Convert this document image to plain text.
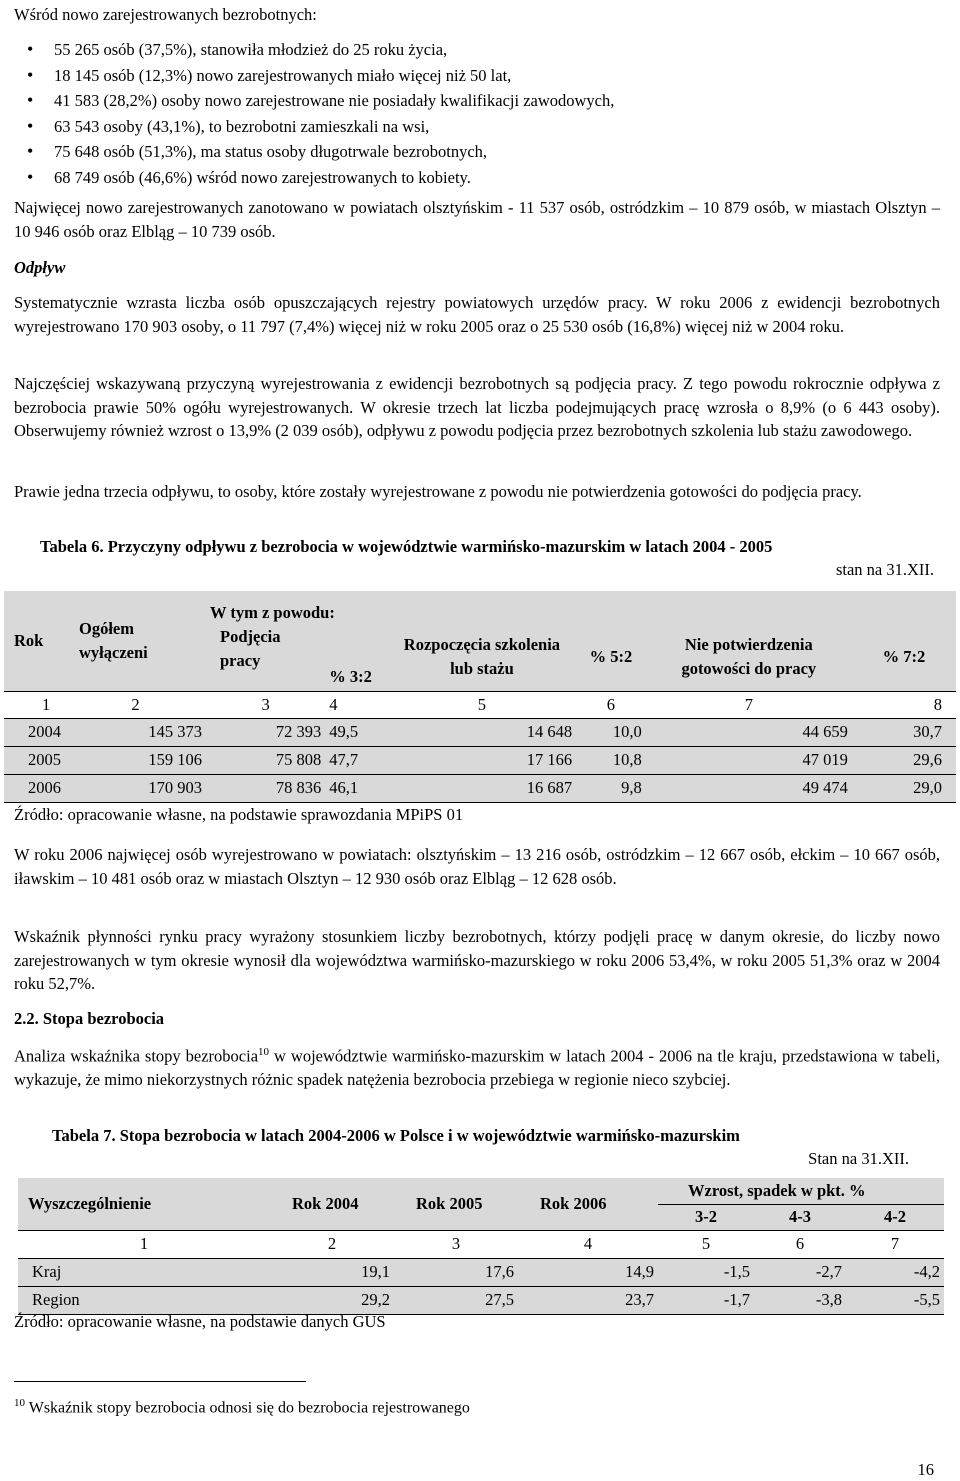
Wśród nowo zarejestrowanych bezrobotnych:

• 55 265 osób (37,5%), stanowiła młodzież do 25 roku życia,
• 18 145 osób (12,3%) nowo zarejestrowanych miało więcej niż 50 lat,
• 41 583 (28,2%) osoby nowo zarejestrowane nie posiadały kwalifikacji zawodowych,
• 63 543 osoby (43,1%), to bezrobotni zamieszkali na wsi,
• 75 648 osób (51,3%), ma status osoby długotrwale bezrobotnych,
• 68 749 osób (46,6%) wśród nowo zarejestrowanych to kobiety.

Najwięcej nowo zarejestrowanych zanotowano w powiatach olsztyńskim - 11 537 osób, ostródzkim – 10 879 osób, w miastach Olsztyn – 10 946 osób oraz Elbląg – 10 739 osób.

Odpływ

Systematycznie wzrasta liczba osób opuszczających rejestry powiatowych urzędów pracy. W roku 2006 z ewidencji bezrobotnych wyrejestrowano 170 903 osoby, o 11 797 (7,4%) więcej niż w roku 2005 oraz o 25 530 osób (16,8%) więcej niż w 2004 roku.

Najczęściej wskazywaną przyczyną wyrejestrowania z ewidencji bezrobotnych są podjęcia pracy. Z tego powodu rokrocznie odpływa z bezrobocia prawie 50% ogółu wyrejestrowanych. W okresie trzech lat liczba podejmujących pracę wzrosła o 8,9% (o 6 443 osoby). Obserwujemy również wzrost o 13,9% (2 039 osób), odpływu z powodu podjęcia przez bezrobotnych szkolenia lub stażu zawodowego.

Prawie jedna trzecia odpływu, to osoby, które zostały wyrejestrowane z powodu nie potwierdzenia gotowości do podjęcia pracy.

Tabela 6. Przyczyny odpływu z bezrobocia w województwie warmińsko-mazurskim w latach 2004 - 2005
stan na 31.XII.
Rok	Ogółem wyłączeni	W tym z powodu:					
		Podjęcia pracy	% 3:2	Rozpoczęcia szkolenia lub stażu	% 5:2	Nie potwierdzenia gotowości do pracy	% 7:2

1	2	3	4	5	6	7	8
2004	145 373	72 393	49,5	14 648	10,0	44 659	30,7
2005	159 106	75 808	47,7	17 166	10,8	47 019	29,6
2006	170 903	78 836	46,1	16 687	9,8	49 474	29,0
Źródło: opracowanie własne, na podstawie sprawozdania MPiPS 01

W roku 2006 najwięcej osób wyrejestrowano w powiatach: olsztyńskim – 13 216 osób, ostródzkim – 12 667 osób, ełckim – 10 667 osób, iławskim – 10 481 osób oraz w miastach Olsztyn – 12 930 osób oraz Elbląg – 12 628 osób.

Wskaźnik płynności rynku pracy wyrażony stosunkiem liczby bezrobotnych, którzy podjęli pracę w danym okresie, do liczby nowo zarejestrowanych w tym okresie wynosił dla województwa warmińsko-mazurskiego w roku 2006 53,4%, w roku 2005 51,3% oraz w 2004 roku 52,7%.

2.2. Stopa bezrobocia

Analiza wskaźnika stopy bezrobocia$^{10}$ w województwie warmińsko-mazurskim w latach 2004 - 2006 na tle kraju, przedstawiona w tabeli, wykazuje, że mimo niekorzystnych różnic spadek natężenia bezrobocia przebiega w regionie nieco szybciej.

Tabela 7. Stopa bezrobocia w latach 2004-2006 w Polsce i w województwie warmińsko-mazurskim
Stan na 31.XII.
Wyszczególnienie	Rok 2004	Rok 2005	Rok 2006	Wzrost, spadek w pkt. %		
				3-2	4-3	4-2
1	2	3	4	5	6	7
Kraj	19,1	17,6	14,9	-1,5	-2,7	-4,2
Region	29,2	27,5	23,7	-1,7	-3,8	-5,5
Źródło: opracowanie własne, na podstawie danych GUS

$^{10}$ Wskaźnik stopy bezrobocia odnosi się do bezrobocia rejestrowanego

16
